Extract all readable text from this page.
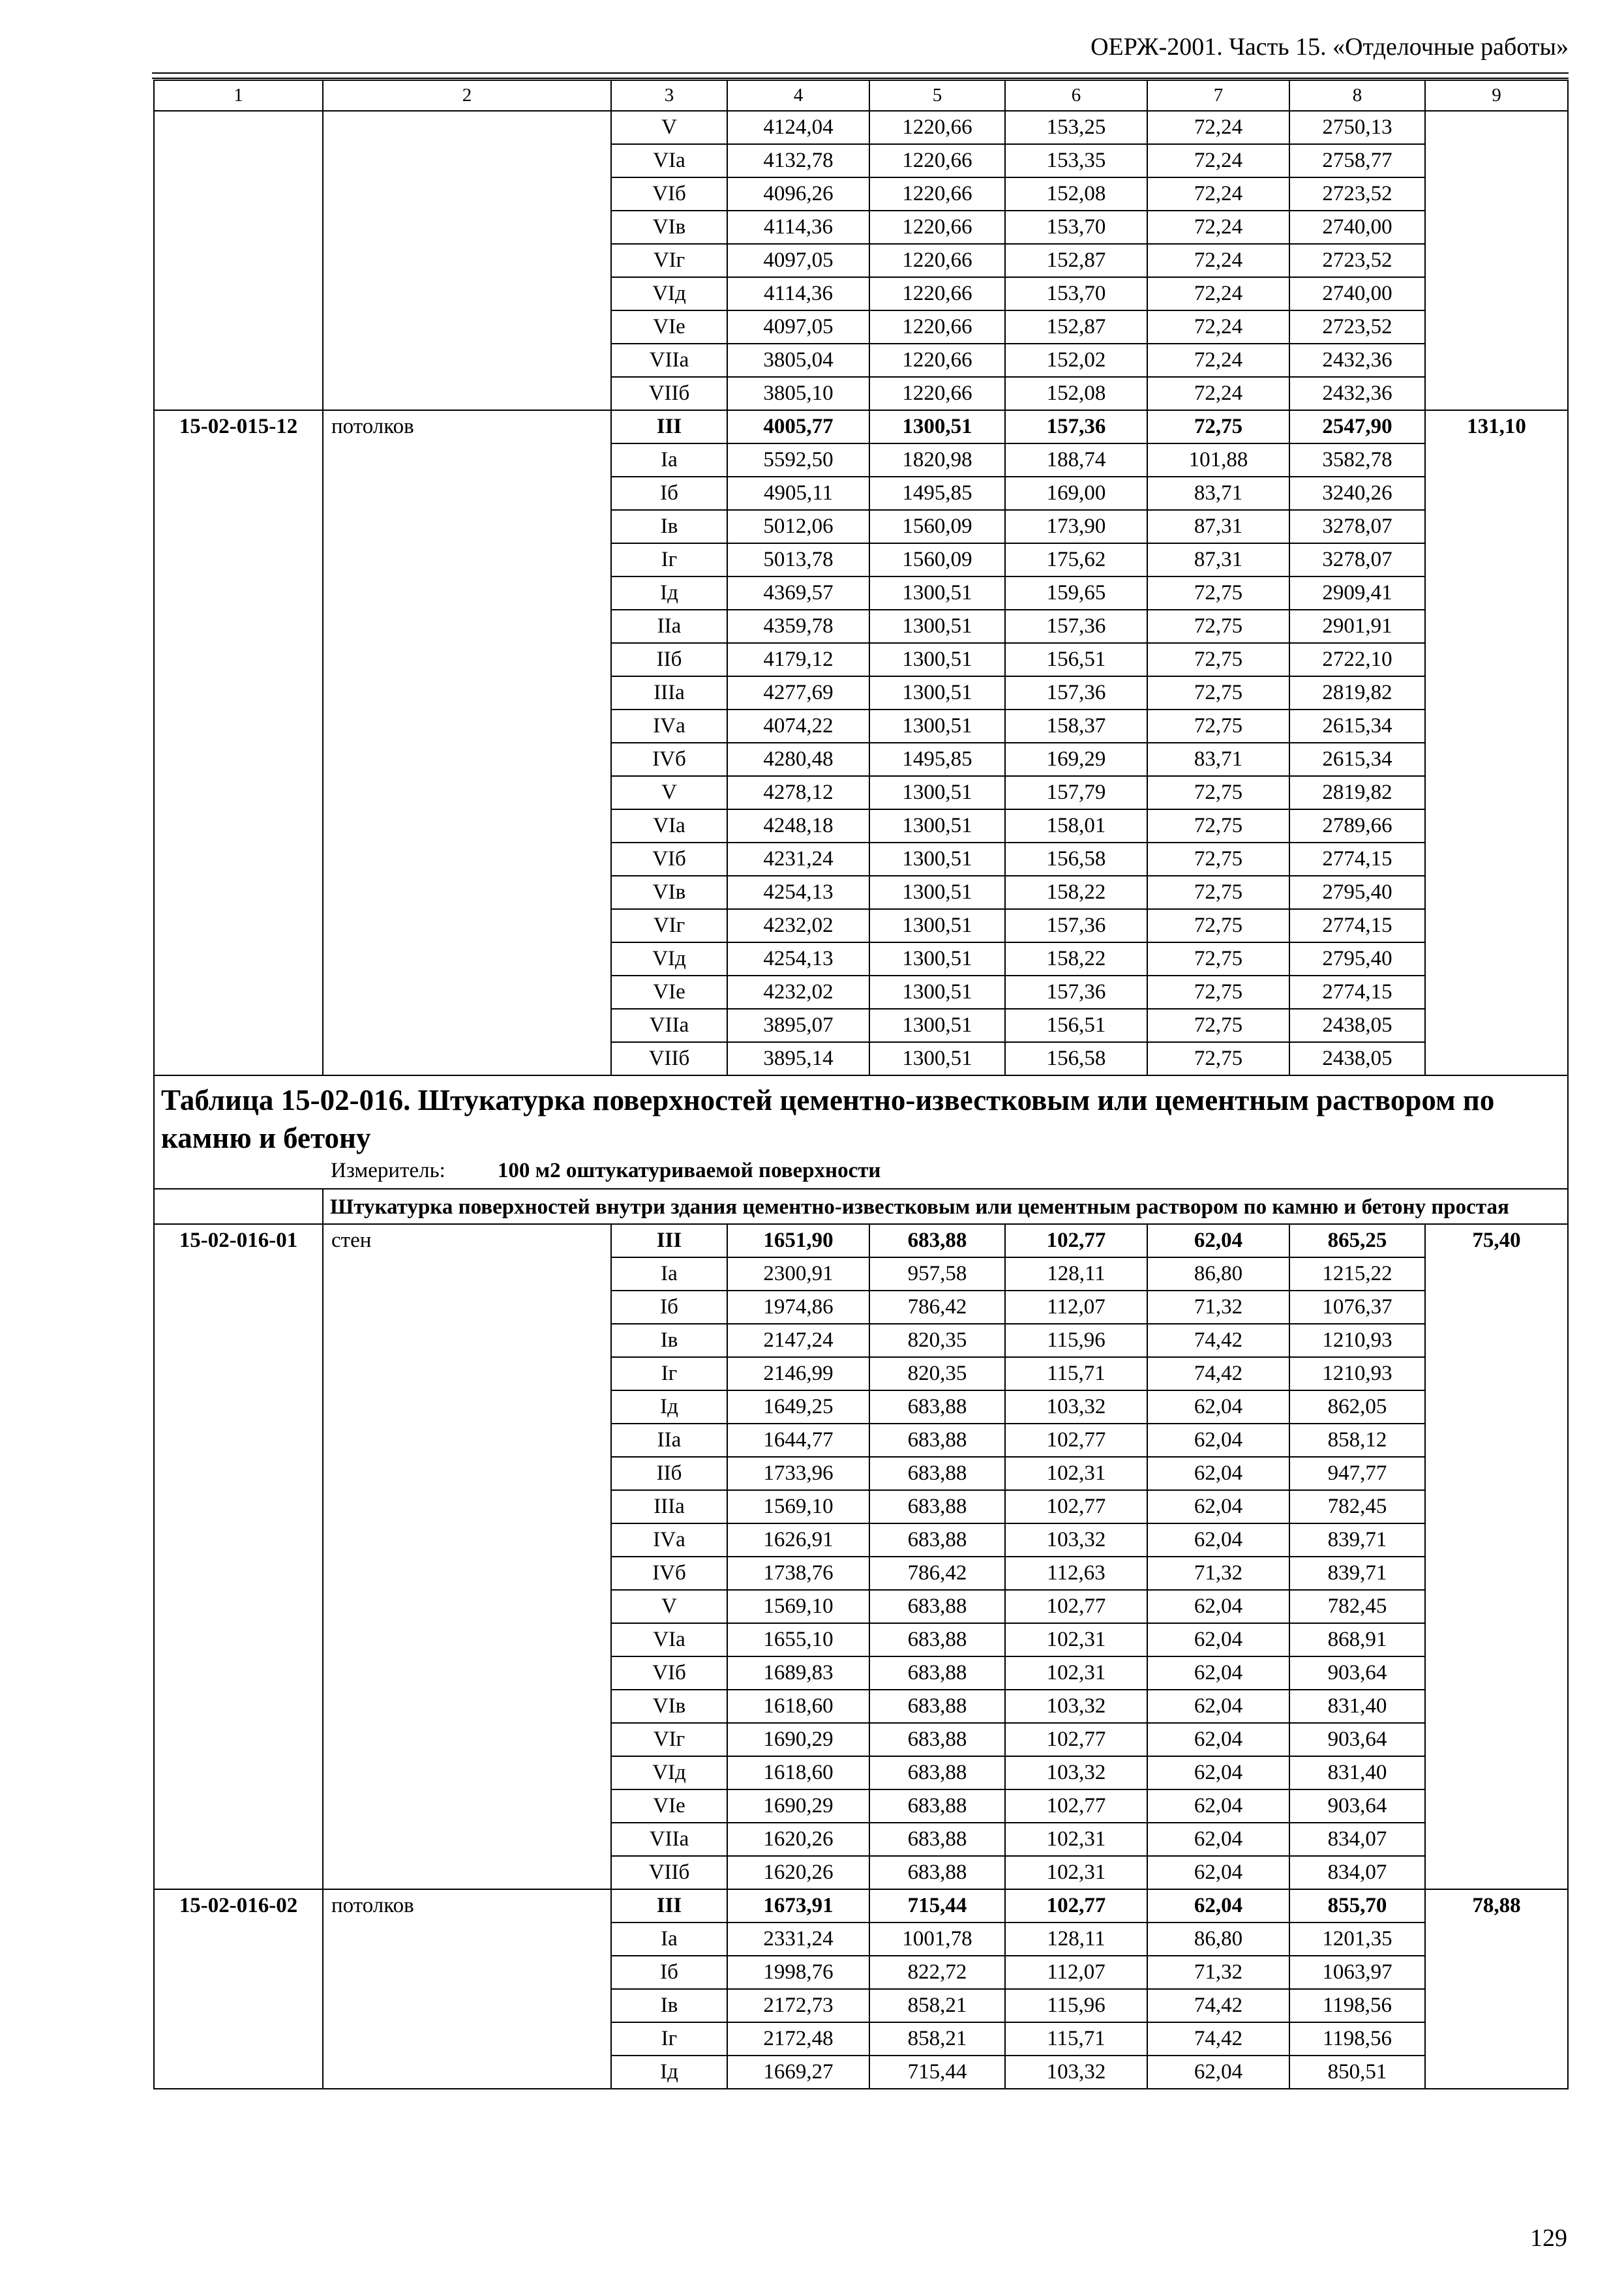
ОЕРЖ-2001. Часть 15. «Отделочные работы»
1	2	3	4	5	6	7	8	9
		V	4124,04	1220,66	153,25	72,24	2750,13	
		VIа	4132,78	1220,66	153,35	72,24	2758,77	
		VIб	4096,26	1220,66	152,08	72,24	2723,52	
		VIв	4114,36	1220,66	153,70	72,24	2740,00	
		VIг	4097,05	1220,66	152,87	72,24	2723,52	
		VIд	4114,36	1220,66	153,70	72,24	2740,00	
		VIе	4097,05	1220,66	152,87	72,24	2723,52	
		VIIа	3805,04	1220,66	152,02	72,24	2432,36	
		VIIб	3805,10	1220,66	152,08	72,24	2432,36	
15-02-015-12	потолков	III	4005,77	1300,51	157,36	72,75	2547,90	131,10
		Iа	5592,50	1820,98	188,74	101,88	3582,78	
		Iб	4905,11	1495,85	169,00	83,71	3240,26	
		Iв	5012,06	1560,09	173,90	87,31	3278,07	
		Iг	5013,78	1560,09	175,62	87,31	3278,07	
		Iд	4369,57	1300,51	159,65	72,75	2909,41	
		IIа	4359,78	1300,51	157,36	72,75	2901,91	
		IIб	4179,12	1300,51	156,51	72,75	2722,10	
		IIIа	4277,69	1300,51	157,36	72,75	2819,82	
		IVа	4074,22	1300,51	158,37	72,75	2615,34	
		IVб	4280,48	1495,85	169,29	83,71	2615,34	
		V	4278,12	1300,51	157,79	72,75	2819,82	
		VIа	4248,18	1300,51	158,01	72,75	2789,66	
		VIб	4231,24	1300,51	156,58	72,75	2774,15	
		VIв	4254,13	1300,51	158,22	72,75	2795,40	
		VIг	4232,02	1300,51	157,36	72,75	2774,15	
		VIд	4254,13	1300,51	158,22	72,75	2795,40	
		VIе	4232,02	1300,51	157,36	72,75	2774,15	
		VIIа	3895,07	1300,51	156,51	72,75	2438,05	
		VIIб	3895,14	1300,51	156,58	72,75	2438,05	

Таблица 15-02-016. Штукатурка поверхностей цементно-известковым или цементным раствором по камню и бетону
Измеритель: 100 м2 оштукатуриваемой поверхности								

	Штукатурка поверхностей внутри здания цементно-известковым или цементным раствором по камню и бетону простая							
15-02-016-01	стен	III	1651,90	683,88	102,77	62,04	865,25	75,40
		Iа	2300,91	957,58	128,11	86,80	1215,22	
		Iб	1974,86	786,42	112,07	71,32	1076,37	
		Iв	2147,24	820,35	115,96	74,42	1210,93	
		Iг	2146,99	820,35	115,71	74,42	1210,93	
		Iд	1649,25	683,88	103,32	62,04	862,05	
		IIа	1644,77	683,88	102,77	62,04	858,12	
		IIб	1733,96	683,88	102,31	62,04	947,77	
		IIIа	1569,10	683,88	102,77	62,04	782,45	
		IVа	1626,91	683,88	103,32	62,04	839,71	
		IVб	1738,76	786,42	112,63	71,32	839,71	
		V	1569,10	683,88	102,77	62,04	782,45	
		VIа	1655,10	683,88	102,31	62,04	868,91	
		VIб	1689,83	683,88	102,31	62,04	903,64	
		VIв	1618,60	683,88	103,32	62,04	831,40	
		VIг	1690,29	683,88	102,77	62,04	903,64	
		VIд	1618,60	683,88	103,32	62,04	831,40	
		VIе	1690,29	683,88	102,77	62,04	903,64	
		VIIа	1620,26	683,88	102,31	62,04	834,07	
		VIIб	1620,26	683,88	102,31	62,04	834,07	
15-02-016-02	потолков	III	1673,91	715,44	102,77	62,04	855,70	78,88
		Iа	2331,24	1001,78	128,11	86,80	1201,35	
		Iб	1998,76	822,72	112,07	71,32	1063,97	
		Iв	2172,73	858,21	115,96	74,42	1198,56	
		Iг	2172,48	858,21	115,71	74,42	1198,56	
		Iд	1669,27	715,44	103,32	62,04	850,51	
129
